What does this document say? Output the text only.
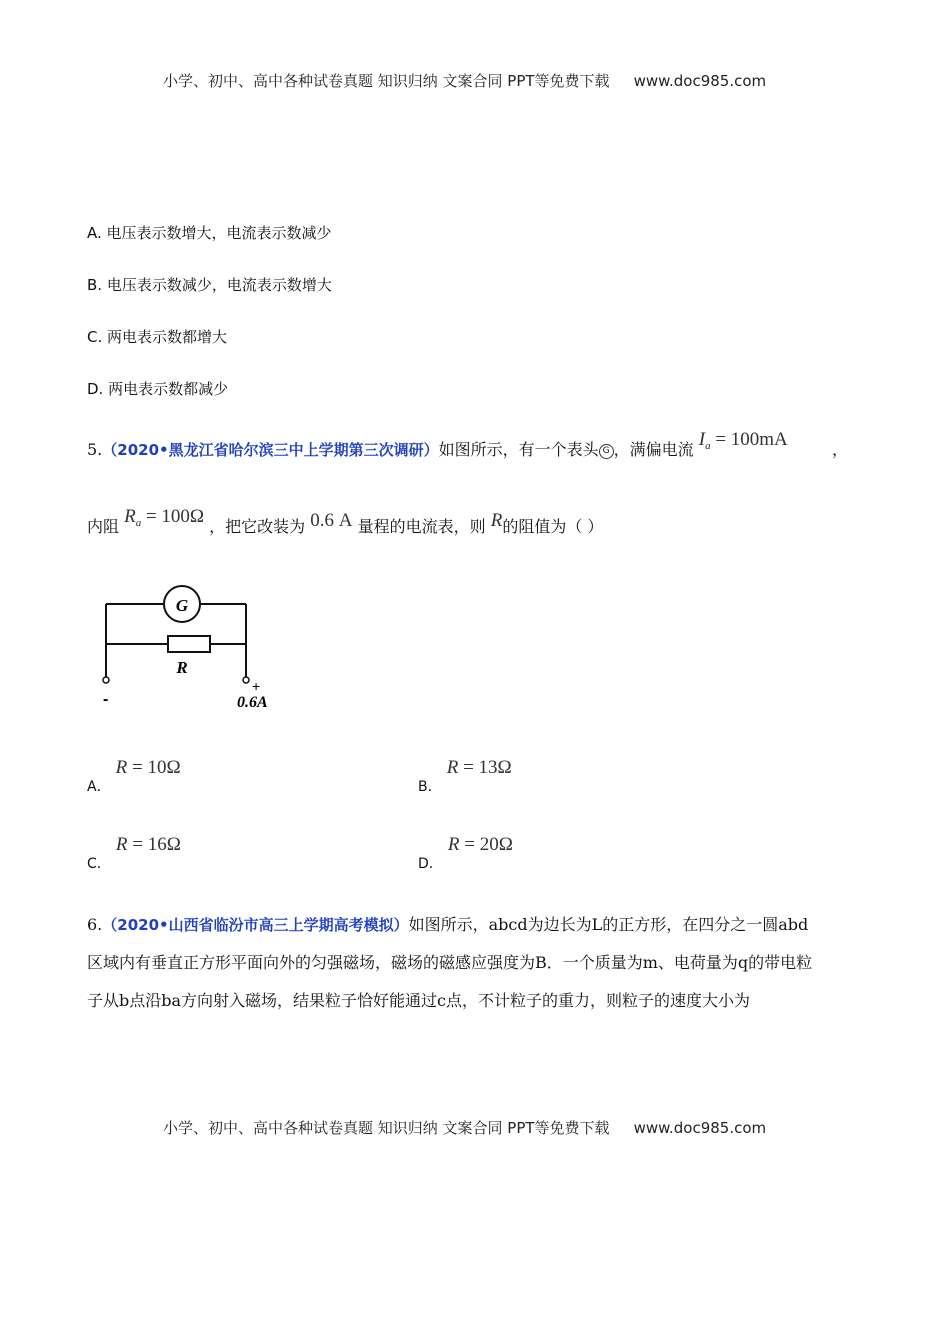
小学、初中、高中各种试卷真题 知识归纳 文案合同 PPT等免费下载 www.doc985.com
A. 电压表示数增大，电流表示数减少
B. 电压表示数减少，电流表示数增大
C. 两电表示数都增大
D. 两电表示数都减少
5.（2020•黑龙江省哈尔滨三中上学期第三次调研）如图所示，有一个表头 G ，满偏电流 $I_a = 100mA$	，
内阻 $R_a = 100\Omega$ ，把它改装为 0.6 A 量程的电流表，则 R的阻值为（ ）
G
R
-
+
0.6A
A． R = 10Ω
B． R = 13Ω
C． R = 16Ω
D． R = 20Ω
6.（2020•山西省临汾市高三上学期高考模拟）如图所示，abcd为边长为L的正方形，在四分之一圆abd
区域内有垂直正方形平面向外的匀强磁场，磁场的磁感应强度为B．一个质量为m、电荷量为q的带电粒
子从b点沿ba方向射入磁场，结果粒子恰好能通过c点，不计粒子的重力，则粒子的速度大小为
小学、初中、高中各种试卷真题 知识归纳 文案合同 PPT等免费下载 www.doc985.com
